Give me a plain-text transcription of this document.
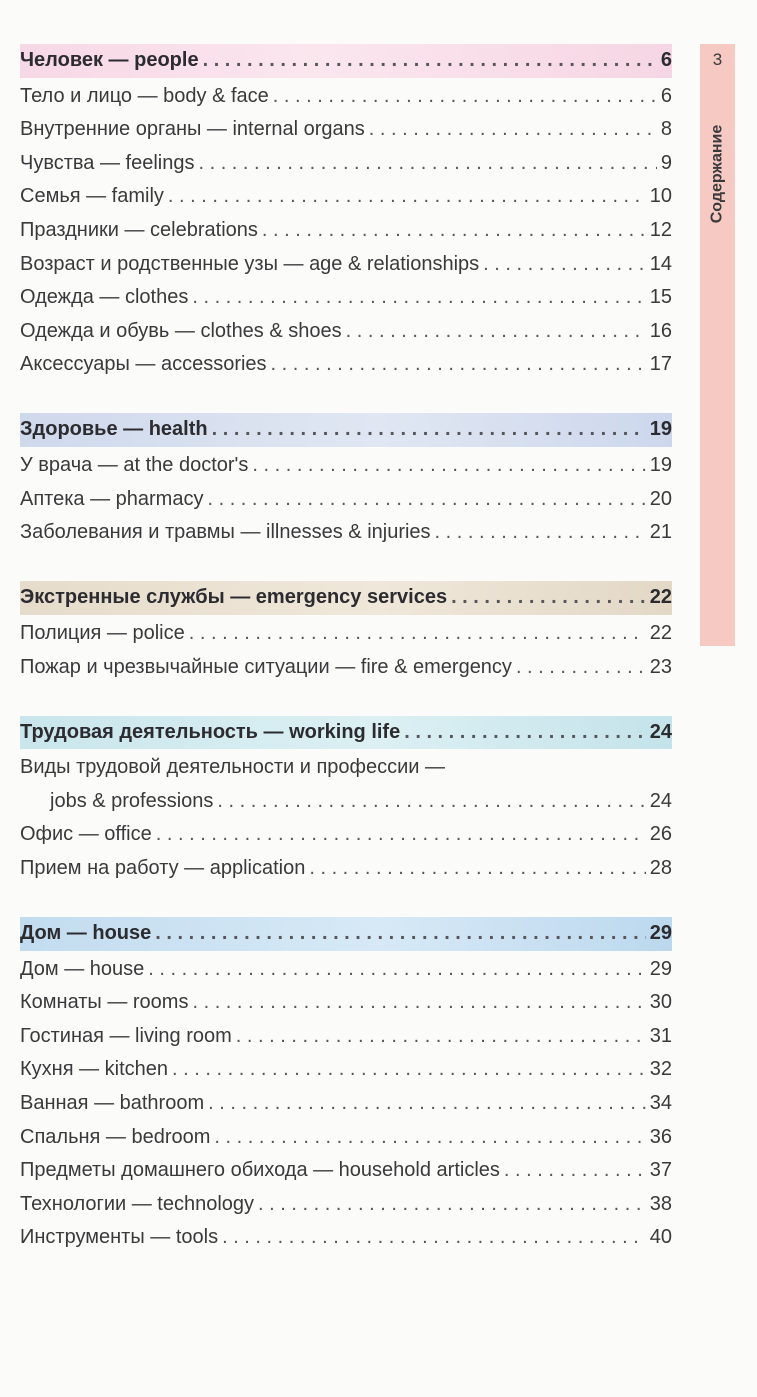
Человек — people . . .	6
Тело и лицо — body & face . . .	6
Внутренние органы — internal organs . . .	8
Чувства — feelings . . .	9
Семья — family . . .	10
Праздники — celebrations . . .	12
Возраст и родственные узы — age & relationships . . .	14
Одежда — clothes . . .	15
Одежда и обувь — clothes & shoes . . .	16
Аксессуары — accessories . . .	17
Здоровье — health . . .	19
У врача — at the doctor's . . .	19
Аптека — pharmacy . . .	20
Заболевания и травмы — illnesses & injuries . . .	21
Экстренные службы — emergency services . . .	22
Полиция — police . . .	22
Пожар и чрезвычайные ситуации — fire & emergency . . .	23
Трудовая деятельность — working life . . .	24
Виды трудовой деятельности и профессии —
jobs & professions . . .	24
Офис — office . . .	26
Прием на работу — application . . .	28
Дом — house . . .	29
Дом — house . . .	29
Комнаты — rooms . . .	30
Гостиная — living room . . .	31
Кухня — kitchen . . .	32
Ванная — bathroom . . .	34
Спальня — bedroom . . .	36
Предметы домашнего обихода — household articles . . .	37
Технологии — technology . . .	38
Инструменты — tools . . .	40
3
Содержание
